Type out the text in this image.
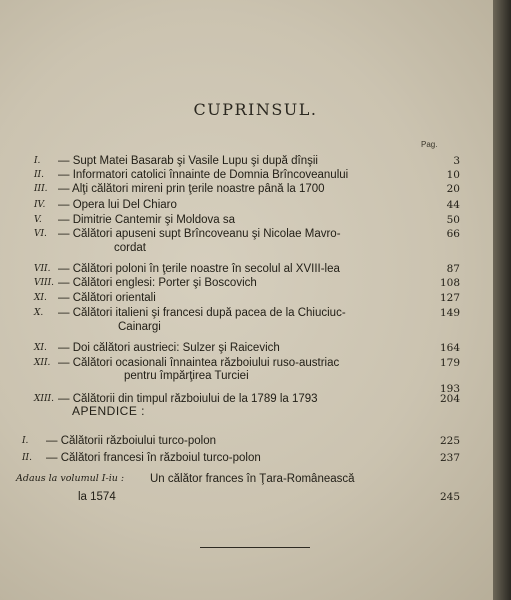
CUPRINSUL.
Pag.
I.	— Supt Matei Basarab şi Vasile Lupu şi după dînşii	3
II.	— Informatori catolici înnainte de Domnia Brîncoveanului	10
III. — Alţi călători mireni prin ţerile noastre până la 1700	20
IV.	— Opera lui Del Chiaro	44
V.	— Dimitrie Cantemir şi Moldova sa	50
VI. — Călători apuseni supt Brîncoveanu şi Nicolae Mavro-	66
cordat
VII. — Călători poloni în ţerile noastre în secolul al XVIII-lea	87
VIII. — Călători englesi: Porter şi Boscovich	108
XI. — Călători orientali	127
X.	— Călători italieni şi francesi după pacea de la Chiuciuc-	149
Cainargi
XI. — Doi călători austrieci: Sulzer şi Raicevich	164
XII. — Călători ocasionali înnaintea războiului ruso-austriac	179
pentru împărţirea Turciei
193
XIII. — Călătorii din timpul războiului de la 1789 la 1793	204
APENDICE :
I.	— Călătorii războiului turco-polon	225
II.	— Călători francesi în războiul turco-polon	237
Adaus la volumul I-iu : Un călător frances în Ţara-Românească
la 1574	245
